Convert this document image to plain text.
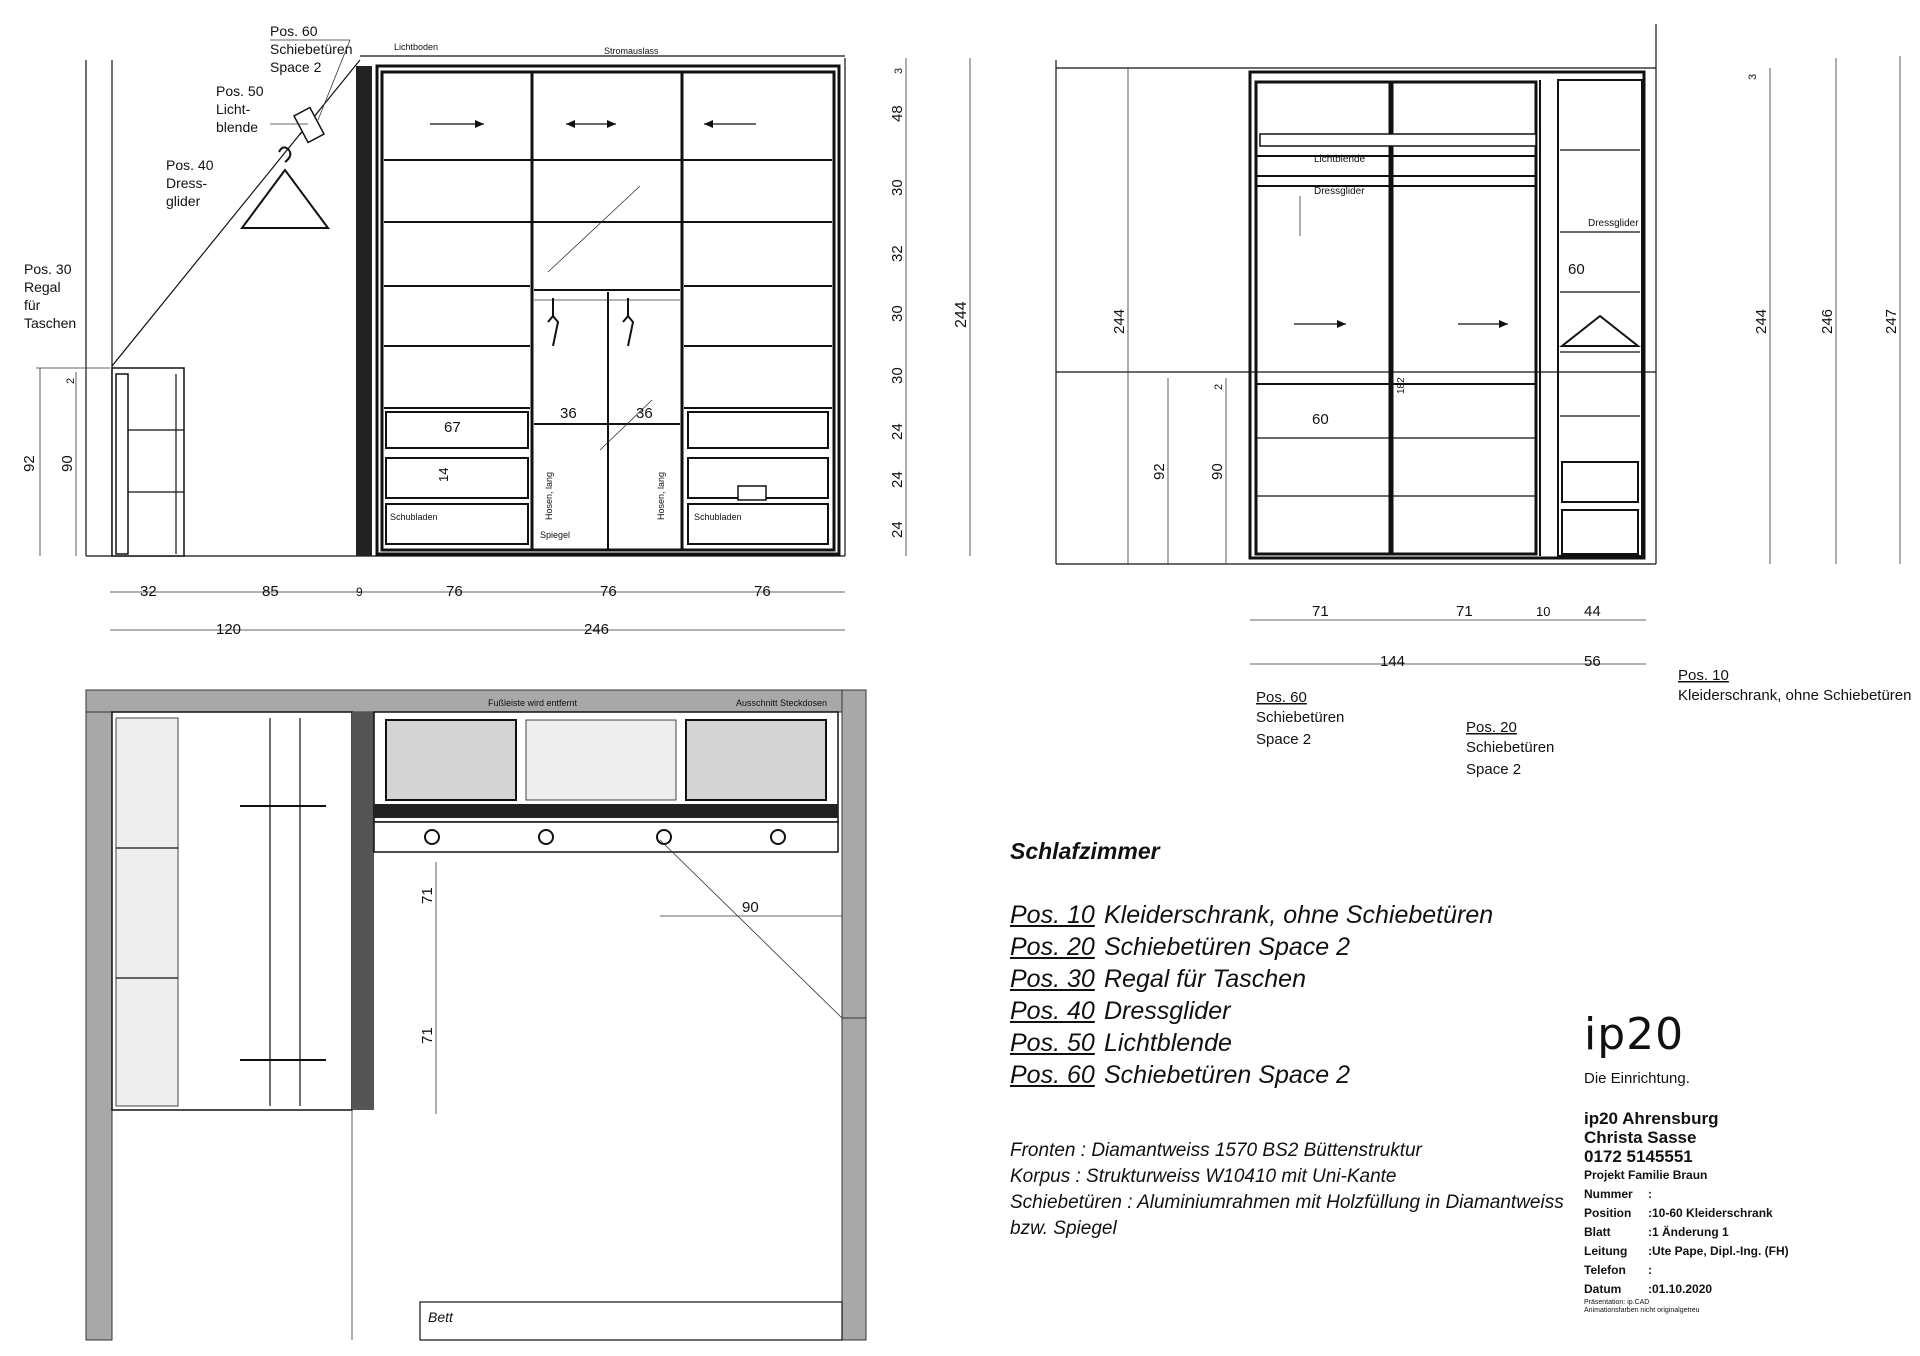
Pos. 60
Schiebetüren
Space 2
Pos. 50
Licht-
blende
Pos. 40
Dress-
glider
Pos. 30
Regal
für
Taschen
Lichtboden	Stromauslass
Schubladen	Schubladen
Spiegel
Hosen, lang	Hosen, lang
67
36	36
14
92 90
2
3
48
30
32
30
30
24
24
24
244
32	85	9	76	76	76
120	246
Lichtblende
Dressglider
Dressglider
182
60
60
244
92	90
2
3
244	246	247
71	71	10 44
144	56
Pos. 60
Schiebetüren
Space 2
Pos. 20
Schiebetüren
Space 2
Pos. 10
Kleiderschrank, ohne Schiebetüren
71
71
90
Bett
Fußleiste wird entfernt	Ausschnitt Steckdosen
Schlafzimmer
Pos. 10 Kleiderschrank, ohne Schiebetüren
Pos. 20 Schiebetüren Space 2
Pos. 30 Regal für Taschen
Pos. 40 Dressglider
Pos. 50 Lichtblende
Pos. 60 Schiebetüren Space 2
Fronten : Diamantweiss 1570 BS2 Büttenstruktur
Korpus : Strukturweiss W10410 mit Uni-Kante
Schiebetüren : Aluminiumrahmen mit Holzfüllung in Diamantweiss
bzw. Spiegel
ip20
Die Einrichtung.
ip20 Ahrensburg
Christa Sasse
0172 5145551
Projekt Familie Braun
Nummer :
Position :10-60 Kleiderschrank
Blatt	:1 Änderung 1
Leitung :Ute Pape, Dipl.-Ing. (FH)
Telefon :
Datum :01.10.2020
Präsentation: ip.CAD
Animationsfarben nicht originalgetreu
